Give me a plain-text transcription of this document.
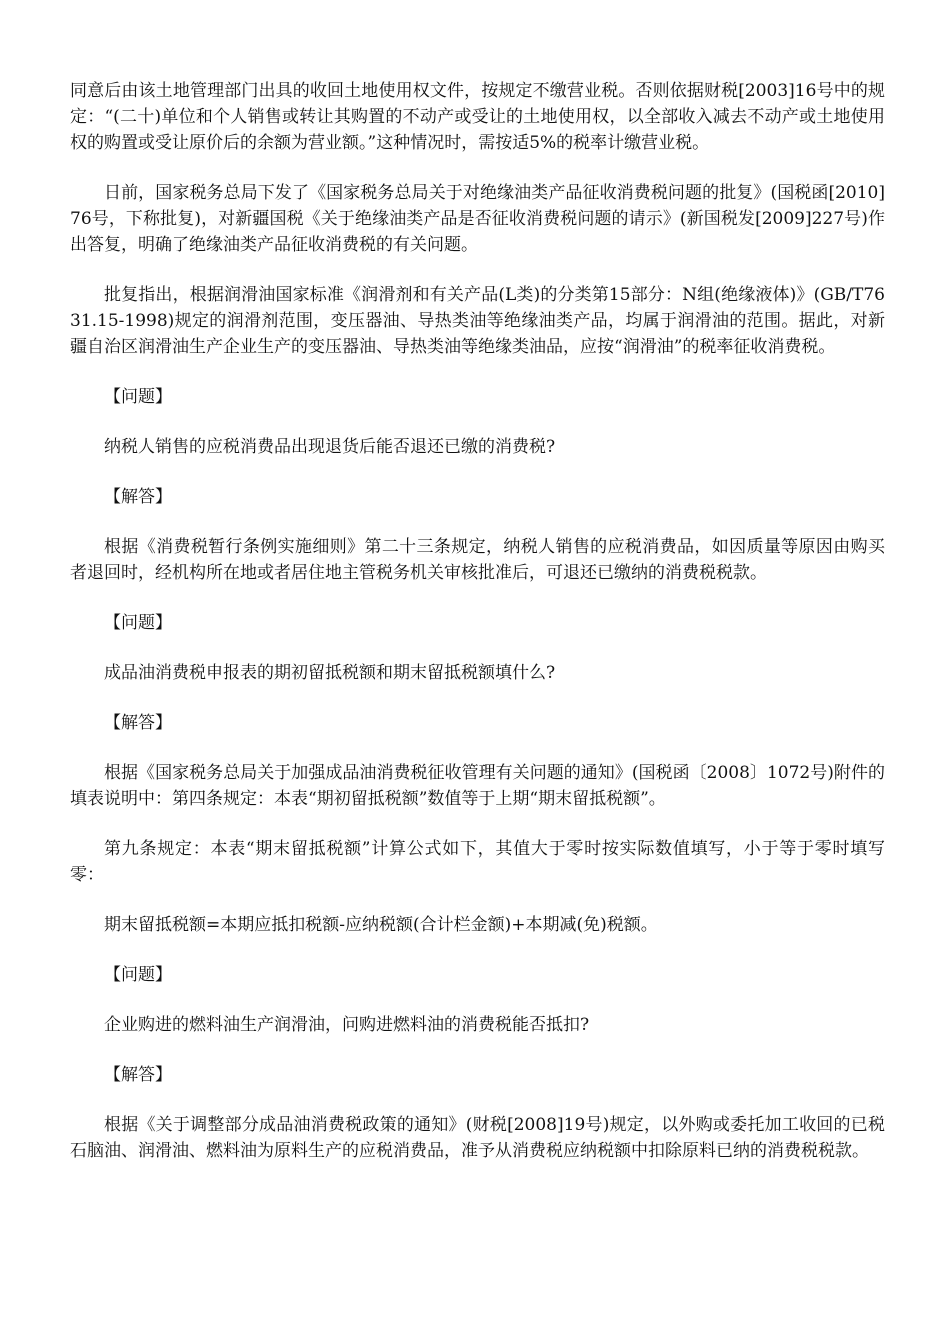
同意后由该土地管理部门出具的收回土地使用权文件，按规定不缴营业税。否则依据财税[2003]16号中的规定：“(二十)单位和个人销售或转让其购置的不动产或受让的土地使用权，以全部收入减去不动产或土地使用权的购置或受让原价后的余额为营业额。”这种情况时，需按适5%的税率计缴营业税。

日前，国家税务总局下发了《国家税务总局关于对绝缘油类产品征收消费税问题的批复》(国税函[2010]76号，下称批复)，对新疆国税《关于绝缘油类产品是否征收消费税问题的请示》(新国税发[2009]227号)作出答复，明确了绝缘油类产品征收消费税的有关问题。

批复指出，根据润滑油国家标准《润滑剂和有关产品(L类)的分类第15部分：N组(绝缘液体)》(GB/T7631.15-1998)规定的润滑剂范围，变压器油、导热类油等绝缘油类产品，均属于润滑油的范围。据此，对新疆自治区润滑油生产企业生产的变压器油、导热类油等绝缘类油品，应按“润滑油”的税率征收消费税。

【问题】

纳税人销售的应税消费品出现退货后能否退还已缴的消费税?

【解答】

根据《消费税暂行条例实施细则》第二十三条规定，纳税人销售的应税消费品，如因质量等原因由购买者退回时，经机构所在地或者居住地主管税务机关审核批准后，可退还已缴纳的消费税税款。

【问题】

成品油消费税申报表的期初留抵税额和期末留抵税额填什么?

【解答】

根据《国家税务总局关于加强成品油消费税征收管理有关问题的通知》(国税函〔2008〕1072号)附件的填表说明中：第四条规定：本表“期初留抵税额”数值等于上期“期末留抵税额”。

第九条规定：本表“期末留抵税额”计算公式如下，其值大于零时按实际数值填写，小于等于零时填写零：

期末留抵税额=本期应抵扣税额-应纳税额(合计栏金额)+本期减(免)税额。

【问题】

企业购进的燃料油生产润滑油，问购进燃料油的消费税能否抵扣?

【解答】

根据《关于调整部分成品油消费税政策的通知》(财税[2008]19号)规定，以外购或委托加工收回的已税石脑油、润滑油、燃料油为原料生产的应税消费品，准予从消费税应纳税额中扣除原料已纳的消费税税款。
